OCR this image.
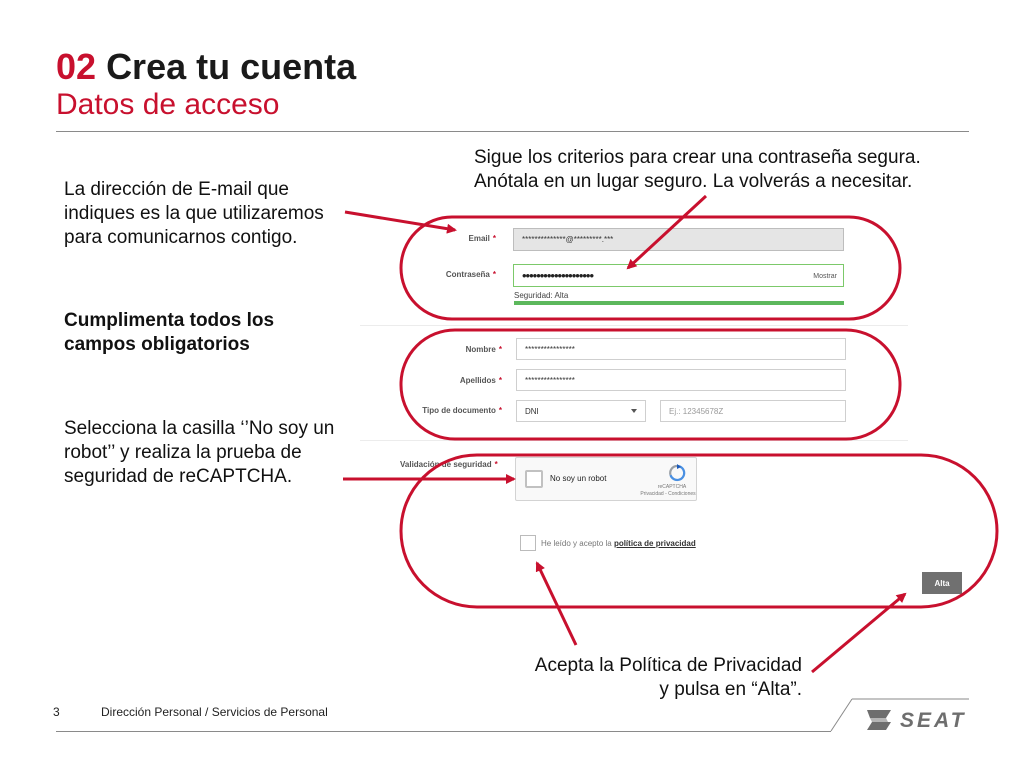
02 Crea tu cuenta
Datos de acceso
Sigue los criterios para crear una contraseña segura.
Anótala en un lugar seguro. La volverás a necesitar.
La dirección de E-mail que
indiques es la que utilizaremos
para comunicarnos contigo.
Cumplimenta todos los
campos obligatorios
Selecciona la casilla ‘’No soy un
robot’’ y realiza la prueba de
seguridad de reCAPTCHA.
Acepta la Política de Privacidad
y pulsa en “Alta”.
Email *	**************@*********.***
Contraseña * ••••••••••••••••••••	Mostrar
Seguridad: Alta
Nombre *	****************
Apellidos *	****************
Tipo de documento *	DNI	Ej.: 12345678Z
Validación de seguridad *
No soy un robot
reCAPTCHA
Privacidad - Condiciones
He leído y acepto la política de privacidad
Alta
3	Dirección Personal / Servicios de Personal	SEAT
